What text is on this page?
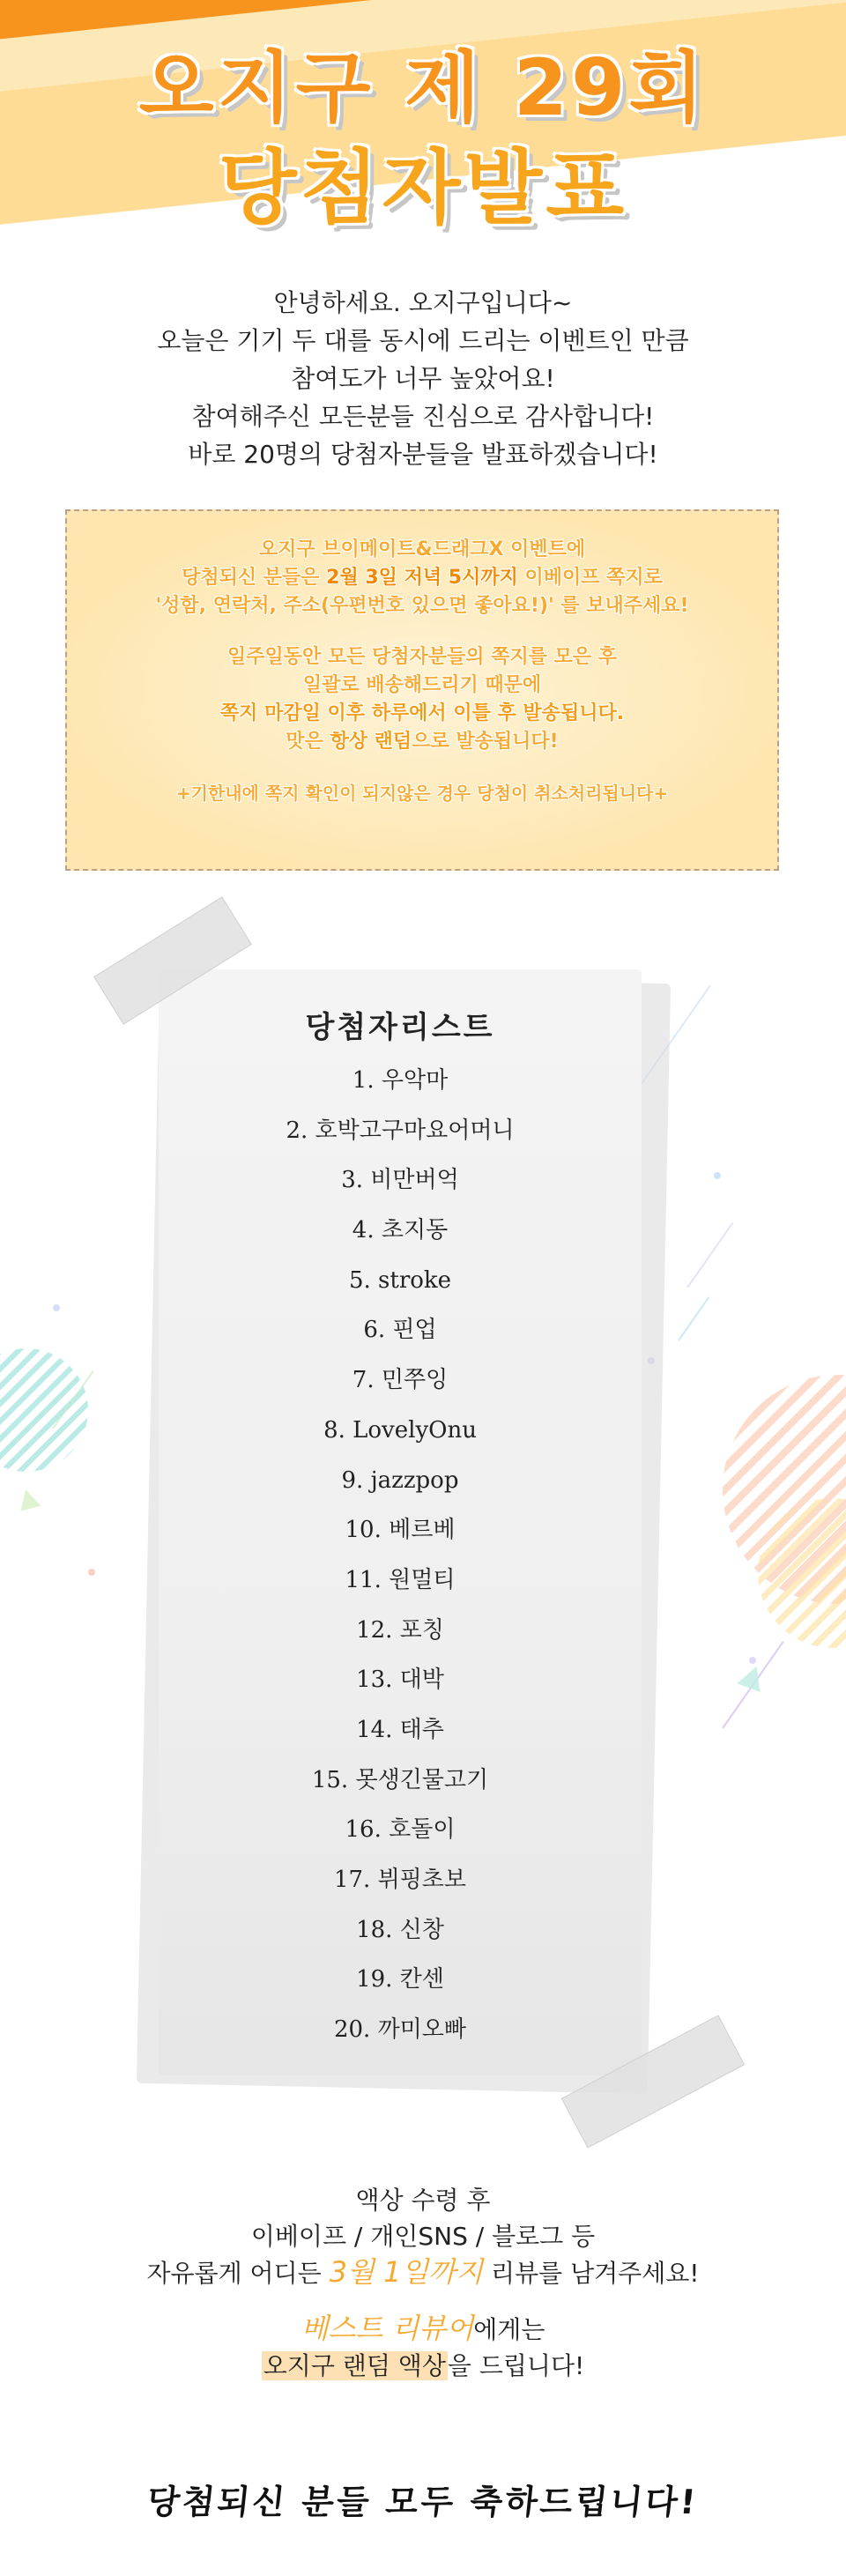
오지구 제 29회
당첨자발표
안녕하세요. 오지구입니다~
오늘은 기기 두 대를 동시에 드리는 이벤트인 만큼
참여도가 너무 높았어요!
참여해주신 모든분들 진심으로 감사합니다!
바로 20명의 당첨자분들을 발표하겠습니다!
오지구 브이메이트&드래그X 이벤트에
당첨되신 분들은 2월 3일 저녁 5시까지 이베이프 쪽지로
'성함, 연락처, 주소(우편번호 있으면 좋아요!)' 를 보내주세요!
일주일동안 모든 당첨자분들의 쪽지를 모은 후
일괄로 배송해드리기 때문에
쪽지 마감일 이후 하루에서 이틀 후 발송됩니다.
맛은 항상 랜덤으로 발송됩니다!
+기한내에 쪽지 확인이 되지않은 경우 당첨이 취소처리됩니다+
당첨자리스트
1. 우악마
2. 호박고구마요어머니
3. 비만버억
4. 초지동
5. stroke
6. 핀업
7. 민쭈잉
8. LovelyOnu
9. jazzpop
10. 베르베
11. 원멀티
12. 포칭
13. 대박
14. 태추
15. 못생긴물고기
16. 호돌이
17. 뷔핑초보
18. 신창
19. 칸센
20. 까미오빠
액상 수령 후
이베이프 / 개인SNS / 블로그 등
자유롭게 어디든 3월 1일까지 리뷰를 남겨주세요!
베스트 리뷰어에게는
오지구 랜덤 액상을 드립니다!
당첨되신 분들 모두 축하드립니다!
